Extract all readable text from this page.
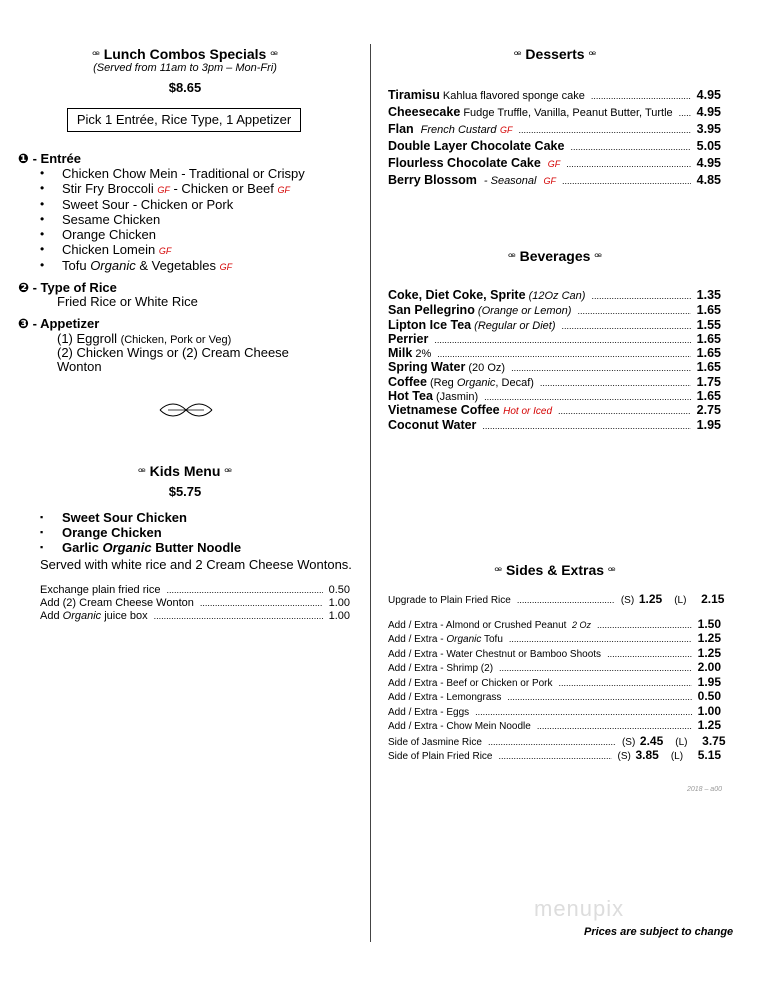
ꟹ Lunch Combos Specials ꟹ
(Served from 11am to 3pm – Mon-Fri)
$8.65
Pick 1 Entrée, Rice Type, 1 Appetizer
❶ - Entrée
• Chicken Chow Mein - Traditional or Crispy
• Stir Fry Broccoli GF - Chicken or Beef GF
• Sweet Sour - Chicken or Pork
• Sesame Chicken
• Orange Chicken
• Chicken Lomein GF
• Tofu Organic & Vegetables GF
❷ - Type of Rice
Fried Rice or White Rice
❸ - Appetizer
(1) Eggroll (Chicken, Pork or Veg)
(2) Chicken Wings or (2) Cream Cheese
Wonton
ꟹ Kids Menu ꟹ
$5.75
▪ Sweet Sour Chicken
▪ Orange Chicken
▪ Garlic Organic Butter Noodle
Served with white rice and 2 Cream Cheese Wontons.
Exchange plain fried rice .....	0.50
Add (2) Cream Cheese Wonton .....	1.00
Add Organic juice box .....	1.00
ꟹ Desserts ꟹ
Tiramisu Kahlua flavored sponge cake .....	4.95
Cheesecake Fudge Truffle, Vanilla, Peanut Butter, Turtle ..... 4.95
Flan French Custard GF .....	3.95
Double Layer Chocolate Cake .....	5.05
Flourless Chocolate Cake GF .....	4.95
Berry Blossom - Seasonal GF .....	4.85
ꟹ Beverages ꟹ
Coke, Diet Coke, Sprite (12Oz Can) .....	1.35
San Pellegrino (Orange or Lemon) .....	1.65
Lipton Ice Tea (Regular or Diet) .....	1.55
Perrier .....	1.65
Milk 2% .....	1.65
Spring Water (20 Oz) .....	1.65
Coffee (Reg Organic, Decaf) .....	1.75
Hot Tea (Jasmin) .....	1.65
Vietnamese Coffee Hot or Iced .....	2.75
Coconut Water .....	1.95
ꟹ Sides & Extras ꟹ
Upgrade to Plain Fried Rice .....	(S) 1.25 (L)	2.15
Add / Extra - Almond or Crushed Peanut  2 Oz .....	1.50
Add / Extra - Organic Tofu .....	1.25
Add / Extra - Water Chestnut or Bamboo Shoots .....	1.25
Add / Extra - Shrimp (2) .....	2.00
Add / Extra - Beef or Chicken or Pork .....	1.95
Add / Extra - Lemongrass .....	0.50
Add / Extra - Eggs .....	1.00
Add / Extra - Chow Mein Noodle .....	1.25
Side of Jasmine Rice .....	(S) 2.45 (L)	3.75
Side of Plain Fried Rice .....	(S) 3.85 (L)	5.15
2018 – a00
menupix
Prices are subject to change
